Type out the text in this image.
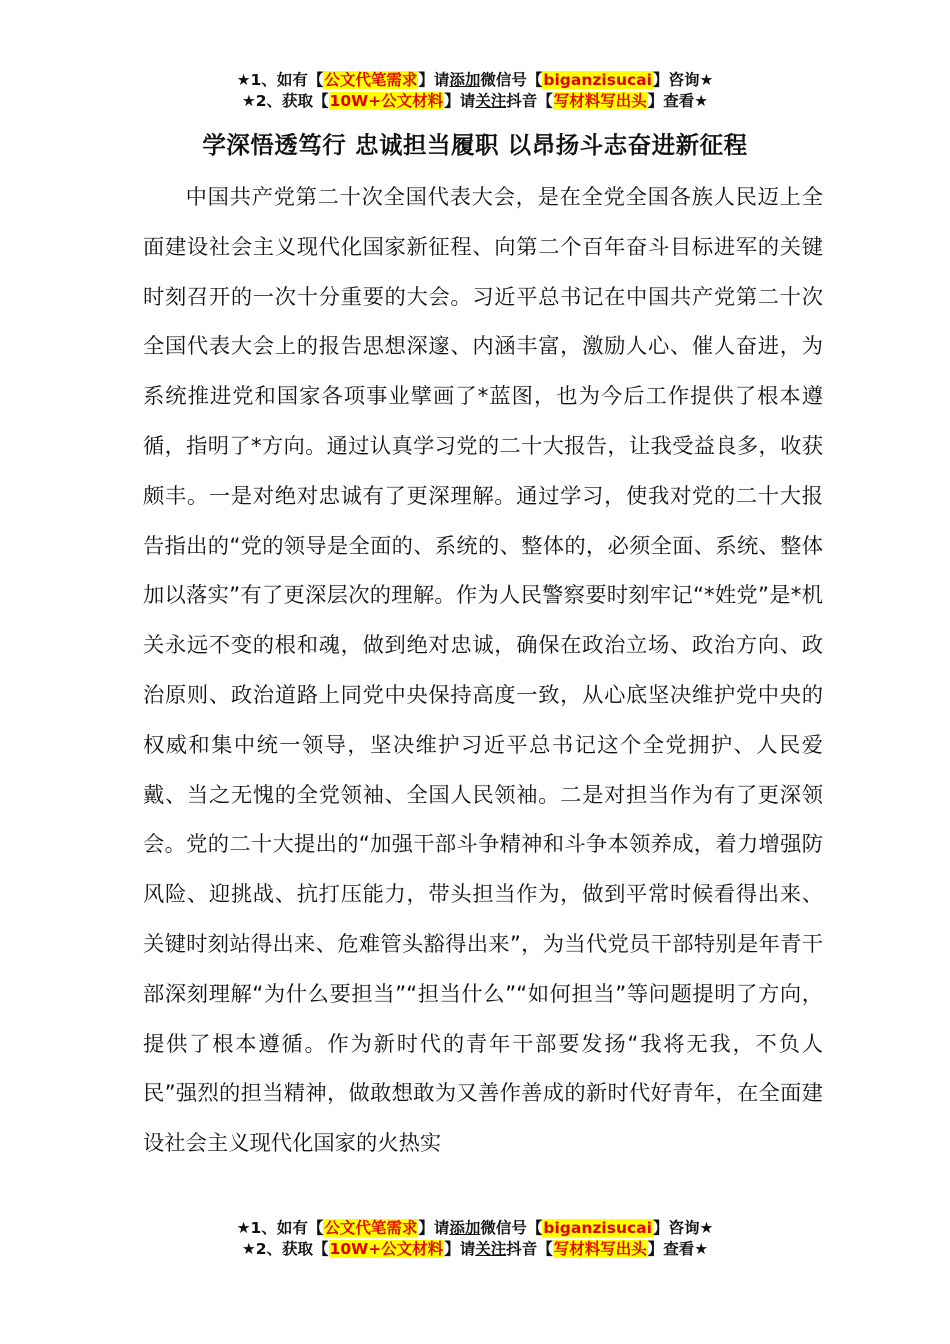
★1、如有【公文代笔需求】请添加微信号【biganzisucai】咨询★
★2、获取【10W+公文材料】请关注抖音【写材料写出头】查看★
学深悟透笃行 忠诚担当履职 以昂扬斗志奋进新征程

中国共产党第二十次全国代表大会，是在全党全国各族人民迈上全面建设社会主义现代化国家新征程、向第二个百年奋斗目标进军的关键时刻召开的一次十分重要的大会。习近平总书记在中国共产党第二十次全国代表大会上的报告思想深邃、内涵丰富，激励人心、催人奋进，为系统推进党和国家各项事业擘画了*蓝图，也为今后工作提供了根本遵循，指明了*方向。通过认真学习党的二十大报告，让我受益良多，收获颇丰。一是对绝对忠诚有了更深理解。通过学习，使我对党的二十大报告指出的“党的领导是全面的、系统的、整体的，必须全面、系统、整体加以落实”有了更深层次的理解。作为人民警察要时刻牢记“*姓党”是*机关永远不变的根和魂，做到绝对忠诚，确保在政治立场、政治方向、政治原则、政治道路上同党中央保持高度一致，从心底坚决维护党中央的权威和集中统一领导，坚决维护习近平总书记这个全党拥护、人民爱戴、当之无愧的全党领袖、全国人民领袖。二是对担当作为有了更深领会。党的二十大提出的“加强干部斗争精神和斗争本领养成，着力增强防风险、迎挑战、抗打压能力，带头担当作为，做到平常时候看得出来、关键时刻站得出来、危难管头豁得出来”，为当代党员干部特别是年青干部深刻理解“为什么要担当”“担当什么”“如何担当”等问题提明了方向，提供了根本遵循。作为新时代的青年干部要发扬“我将无我，不负人民”强烈的担当精神，做敢想敢为又善作善成的新时代好青年，在全面建设社会主义现代化国家的火热实

★1、如有【公文代笔需求】请添加微信号【biganzisucai】咨询★
★2、获取【10W+公文材料】请关注抖音【写材料写出头】查看★
